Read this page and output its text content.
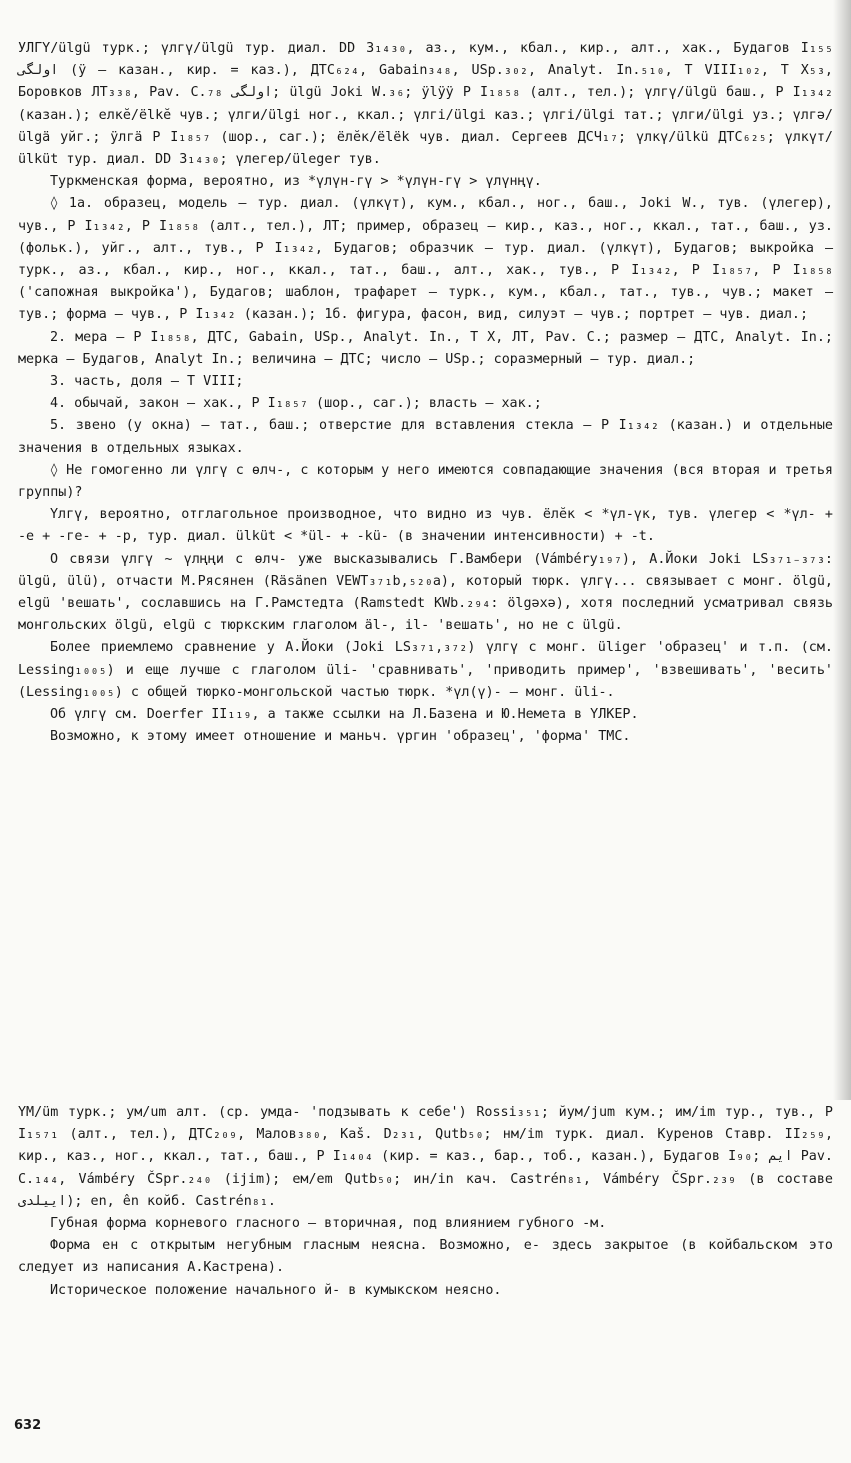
УЛГҮ/ülgü турк.; үлгү/ülgü тур. диал. DD 3₁₄₃₀, аз., кум., кбал., кир., алт., хак., Будагов I₁₅₅ اولگی (ÿ – казан., кир. = каз.), ДТС₆₂₄, Gabain₃₄₈, USp.₃₀₂, Analyt. In.₅₁₀, T VIII₁₀₂, T X₅₃, Боровков ЛТ₃₃₈, Pav. C.₇₈ اولگی; ülgü Joki W.₃₆; ÿlÿÿ P I₁₈₅₈ (алт., тел.); үлгү/ülgü баш., P I₁₃₄₂ (казан.); елкĕ/ëlkĕ чув.; үлги/ülgi ног., ккал.; үлгі/ülgi каз.; үлгі/ülgi тат.; үлги/ülgi уз.; үлгә/ülgä уйг.; ÿлгä P I₁₈₅₇ (шор., саг.); ёлĕк/ëlëk чув. диал. Сергеев ДСЧ₁₇; үлкү/ülkü ДТС₆₂₅; үлкүт/ülküt тур. диал. DD 3₁₄₃₀; үлегер/üleger тув.

Туркменская форма, вероятно, из *үлүн-гү > *үлүн-гү > үлүнңү.

◊ 1а. образец, модель – тур. диал. (үлкүт), кум., кбал., ног., баш., Joki W., тув. (үлегер), чув., P I₁₃₄₂, P I₁₈₅₈ (алт., тел.), ЛТ; пример, образец – кир., каз., ног., ккал., тат., баш., уз. (фольк.), уйг., алт., тув., P I₁₃₄₂, Будагов; образчик – тур. диал. (үлкүт), Будагов; выкройка – турк., аз., кбал., кир., ног., ккал., тат., баш., алт., хак., тув., P I₁₃₄₂, P I₁₈₅₇, P I₁₈₅₈ ('сапожная выкройка'), Будагов; шаблон, трафарет – турк., кум., кбал., тат., тув., чув.; макет – тув.; форма – чув., P I₁₃₄₂ (казан.); 1б. фигура, фасон, вид, силуэт – чув.; портрет – чув. диал.;

2. мера – P I₁₈₅₈, ДТС, Gabain, USp., Analyt. In., T X, ЛТ, Pav. C.; размер – ДТС, Analyt. In.; мерка – Будагов, Analyt In.; величина – ДТС; число – USp.; соразмерный – тур. диал.;

3. часть, доля – T VIII;

4. обычай, закон – хак., P I₁₈₅₇ (шор., саг.); власть – хак.;

5. звено (у окна) – тат., баш.; отверстие для вставления стекла – P I₁₃₄₂ (казан.) и отдельные значения в отдельных языках.

◊ Не гомогенно ли үлгү с өлч-, с которым у него имеются совпадающие значения (вся вторая и третья группы)?

Үлгү, вероятно, отглагольное производное, что видно из чув. ёлĕк < *үл-үк, тув. үлегер < *үл- + -е + -ге- + -р, тур. диал. ülküt < *ül- + -kü- (в значении интенсивности) + -t.

О связи үлгү ~ үлңңи с өлч- уже высказывались Г.Вамбери (Vámbéry₁₉₇), А.Йоки Joki LS₃₇₁₋₃₇₃: ülgü, ülü), отчасти М.Рясянен (Räsänen VEWT₃₇₁b,₅₂₀a), который тюрк. үлгү... связывает с монг. ölgü, elgü 'вешать', сославшись на Г.Рамстедта (Ramstedt KWb.₂₉₄: ölgəxə), хотя последний усматривал связь монгольских ölgü, elgü с тюркским глаголом äl-, il- 'вешать', но не с ülgü.

Более приемлемо сравнение у А.Йоки (Joki LS₃₇₁,₃₇₂) үлгү с монг. üliger 'образец' и т.п. (см. Lessing₁₀₀₅) и еще лучше с глаголом üli- 'сравнивать', 'приводить пример', 'взвешивать', 'весить' (Lessing₁₀₀₅) с общей тюрко-монгольской частью тюрк. *үл(ү)- – монг. üli-.

Об үлгү см. Doerfer II₁₁₉, а также ссылки на Л.Базена и Ю.Немета в ҮЛКЕР.

Возможно, к этому имеет отношение и маньч. үргин 'образец', 'форма' ТМС.

ҮМ/üm турк.; ум/um алт. (ср. умда- 'подзывать к себе') Rossi₃₅₁; йум/jum кум.; им/im тур., тув., P I₁₅₇₁ (алт., тел.), ДТС₂₀₉, Малов₃₈₀, Kaš. D₂₃₁, Qutb₅₀; нм/im турк. диал. Куренов Ставр. II₂₅₉, кир., каз., ног., ккал., тат., баш., P I₁₄₀₄ (кир. = каз., бар., тоб., казан.), Будагов I₉₀; ایم Pav. C.₁₄₄, Vámbéry ČSpr.₂₄₀ (ijim); ем/em Qutb₅₀; ин/in кач. Castrén₈₁, Vámbéry ČSpr.₂₃₉ (в составе اییلدی); en, ên койб. Castrén₈₁.

Губная форма корневого гласного – вторичная, под влиянием губного -м.

Форма ен с открытым негубным гласным неясна. Возможно, е- здесь закрытое (в койбальском это следует из написания А.Кастрена).

Историческое положение начального й- в кумыкском неясно.

632
